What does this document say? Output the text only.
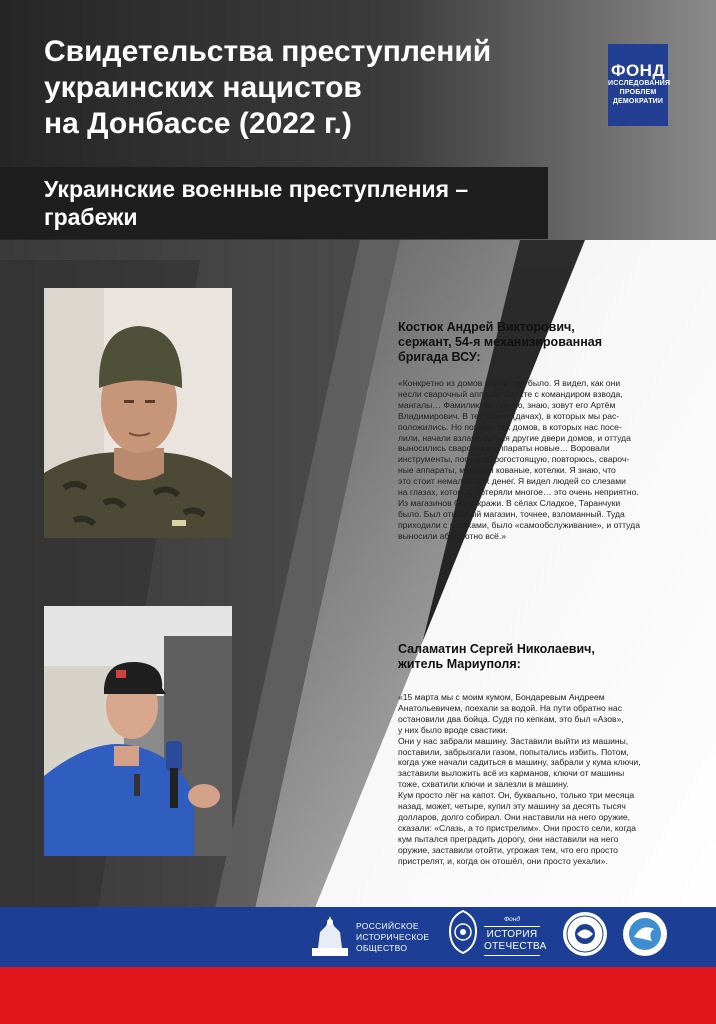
Свидетельства преступлений
украинских нацистов
на Донбассе (2022 г.)
ФОНД
ИССЛЕДОВАНИЯ
ПРОБЛЕМ
ДЕМОКРАТИИ
Украинские военные преступления –
грабежи

Костюк Андрей Викторович,
сержант, 54-я механизированная
бригада ВСУ:

«Конкретно из домов воровство было. Я видел, как они
несли сварочный аппарат вместе с командиром взвода,
мангалы… Фамилию не помню, знаю, зовут его Артём
Владимирович. В тех домах (дачах), в которых мы рас-
положились. Но помимо тех домов, в которых нас посе-
лили, начали взламываться другие двери домов, и оттуда
выносились сварочные аппараты новые… Воровали
инструменты, посуду дорогостоящую, повторюсь, свароч-
ные аппараты, мангалы кованые, котелки. Я знаю, что
это стоит немаленьких денег. Я видел людей со слезами
на глазах, которые потеряли многое… это очень неприятно.
Из магазинов были кражи. В сёлах Сладкое, Таранчуки
было. Был открытый магазин, точнее, взломанный. Туда
приходили с мешками, было «самообслуживание», и оттуда
выносили абсолютно всё.»

Саламатин Сергей Николаевич,
житель Мариуполя:

«15 марта мы с моим кумом, Бондаревым Андреем
Анатольевичем, поехали за водой. На пути обратно нас
остановили два бойца. Судя по кепкам, это был «Азов»,
у них было вроде свастики.
Они у нас забрали машину. Заставили выйти из машины,
поставили, забрызгали газом, попытались избить. Потом,
когда уже начали садиться в машину, забрали у кума ключи,
заставили выложить всё из карманов, ключи от машины
тоже, схватили ключи и залезли в машину.
Кум просто лёг на капот. Он, буквально, только три месяца
назад, может, четыре, купил эту машину за десять тысяч
долларов, долго собирал. Они наставили на него оружие,
сказали: «Слазь, а то пристрелим». Они просто сели, когда
кум пытался преградить дорогу, они наставили на него
оружие, заставили отойти, угрожая тем, что его просто
пристрелят, и, когда он отошёл, они просто уехали».

РОССИЙСКОЕ
ИСТОРИЧЕСКОЕ
ОБЩЕСТВО
Фонд
ИСТОРИЯ
ОТЕЧЕСТВА
